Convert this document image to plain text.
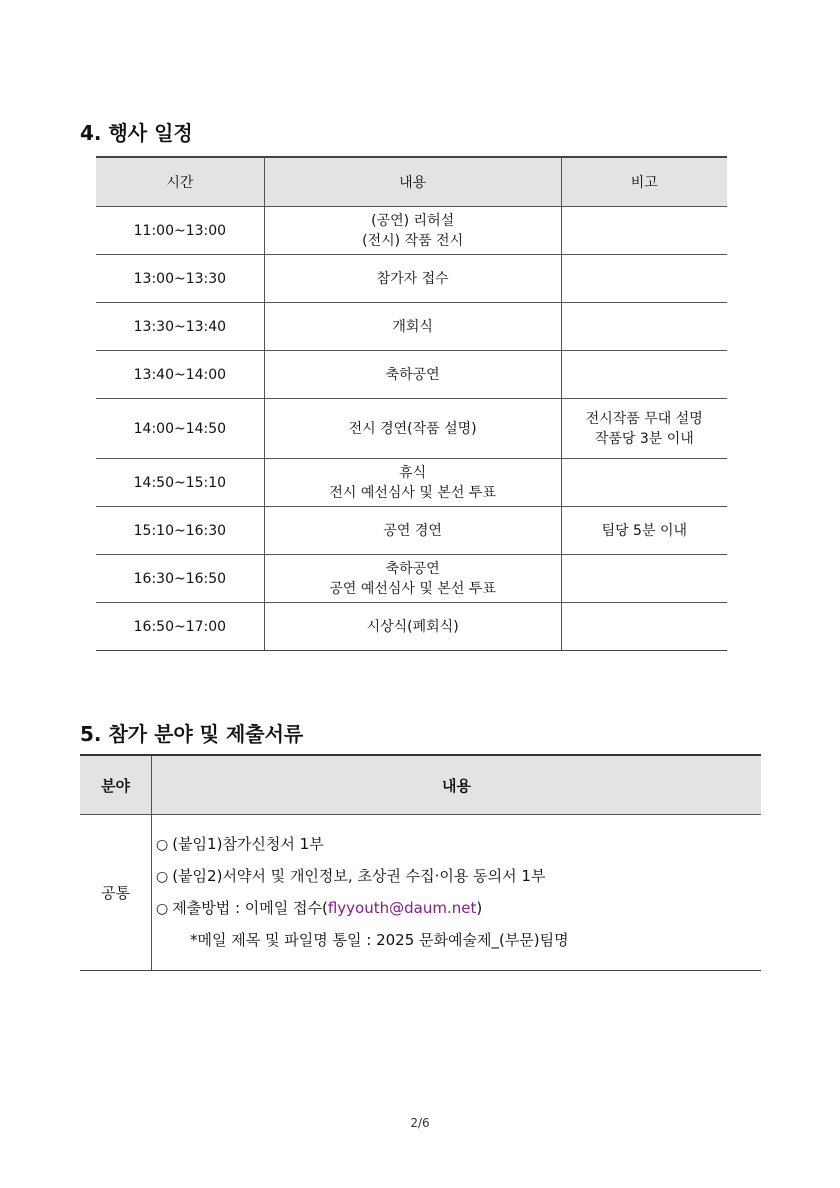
4. 행사 일정
시간	내용	비고
11:00~13:00	(공연) 리허설
(전시) 작품 전시	

13:00~13:30	참가자 접수	

13:30~13:40	개회식	

13:40~14:00	축하공연	

14:00~14:50	전시 경연(작품 설명)	전시작품 무대 설명
작품당 3분 이내

14:50~15:10	휴식
전시 예선심사 및 본선 투표	

15:10~16:30	공연 경연	팀당 5분 이내

16:30~16:50	축하공연
공연 예선심사 및 본선 투표	

16:50~17:00	시상식(폐회식)	

5. 참가 분야 및 제출서류
분야	내용
공통	○ (붙임1)참가신청서 1부
○ (붙임2)서약서 및 개인정보, 초상권 수집·이용 동의서 1부
○ 제출방법 : 이메일 접수(flyyouth@daum.net)
*메일 제목 및 파일명 통일 : 2025 문화예술제_(부문)팀명
2/6
